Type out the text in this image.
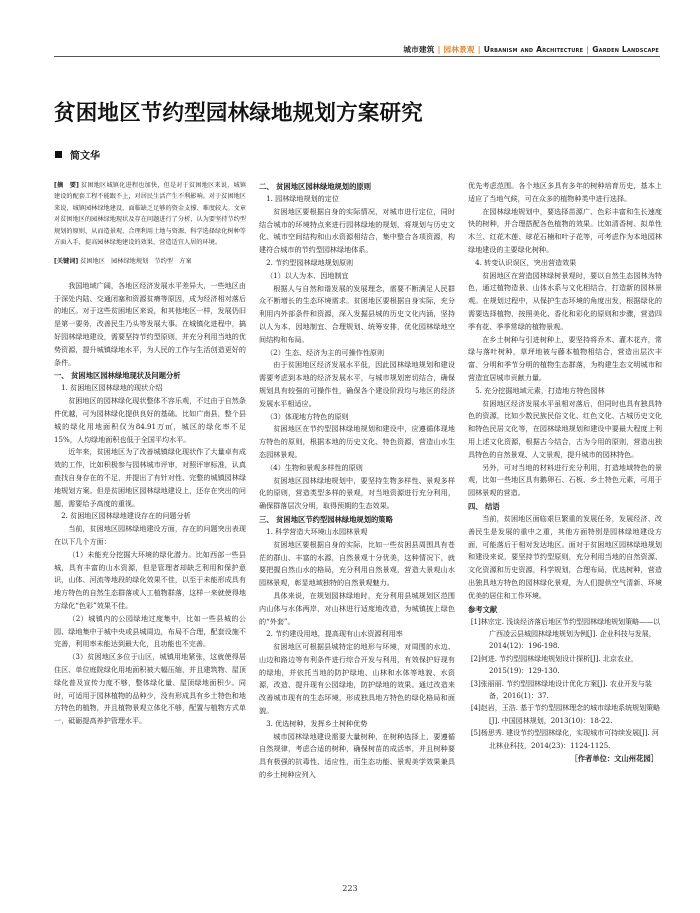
城市建筑 | 园林景观 | Urbanism and Architecture | Garden Landscape
贫困地区节约型园林绿地规划方案研究
简文华
[摘　要] 贫困地区城镇化进程也加快，但是对于贫困地区来说，城镇建设的配套工程不能跟不上，对居民生活产生不利影响。对于贫困地区来说，城镇园林绿地建设，面临缺乏足够的资金支撑、难度较大。文章对贫困地区的园林绿地现状及存在问题进行了分析，认为要坚持节约型规划的原则，从而造景观，合理利用土地与资源，科学选择绿化树种等方面入手，提高园林绿地建设的效果，营造适宜人居的环境。
[关键词] 贫困地区　园林绿地规划　节约型　方案

我国地域广阔，各地区经济发展水平差异大，一些地区由于深处内陆、交通闭塞和资源贫瘠等原因，成为经济相对落后的地区。对于这些贫困地区来说，和其他地区一样，发展仍旧是第一要务，改善民生乃头等发展大事。在城镇化进程中，搞好园林绿地建设，需要坚持节约型原则，并充分利用当地的优势资源，提升城镇绿地水平，为人民的工作与生活创造更好的条件。

一、 贫困地区园林绿地现状及问题分析
1. 贫困地区园林绿地的现状介绍

贫困地区的园林绿化现状整体不容乐观，不过由于自然条件优越，可为园林绿化提供良好的基础。比如广南县，整个县城的绿化用地面积仅为84.91万㎡，城区的绿化率不足15%，人均绿地面积也低于全国平均水平。

近年来，贫困地区为了改善城镇绿化现状作了大量卓有成效的工作，比如积极参与园林城市评审，对照评审标准，认真查找自身存在的不足，并提出了有针对性、完整的城镇园林绿地规划方案。但是贫困地区园林绿地建设上，还存在突出的问题，需要给予高度的重视。

2. 贫困地区园林绿地建设存在的问题分析

当前，贫困地区园林绿地建设方面，存在的问题突出表现在以下几个方面：

（1）未能充分挖掘大环境的绿化潜力。比如西部一些县城，具有丰富的山水资源，但是管理者却缺乏利用和保护意识，山体、河流等地段的绿化效果不佳，以至于未能形成具有地方特色的自然生态群落或人工植物群落，这样一来就使得地方绿化“色彩”效果不佳。

（2）城镇内的公园绿地过度集中，比如一些县城的公园、绿地集中于城中央或县城周边，布局不合理，配套设施不完善，利用率未能达到最大化，且功能也不完善。

（3）贫困地区多位于山区，城镇用地紧张，这就使得居住区、单位庭院绿化用地面积被大幅压缩，并且建筑物、屋顶绿化普及宣传力度不够，整体绿化量、屋顶绿地面积少。同时，可适用于园林植物的品种少，没有形成具有乡土特色和地方特色的植物，并且植物景观立体化不够，配置与植物方式单一，砥砺提高养护管理水平。

二、 贫困地区园林绿地规划的原则
1. 园林绿地规划的定位

贫困地区要根据自身的实际情况，对城市进行定位，同时结合城市的环境特点来进行园林绿地的规划，将规划与历史文化、城市空间结构和山水资源相结合，集中整合各项资源，构建符合城市的节约型园林绿地体系。

2. 节约型园林绿地规划原则
（1）以人为本、因地制宜

根据人与自然和谐发展的发展理念，需要不断满足人民群众不断增长的生态环境需求。贫困地区要根据自身实际，充分利用内外部条件和资源，深入发掘县城的历史文化内涵，坚持以人为本、因地制宜、合理规划、统筹安排，优化园林绿地空间结构和布局。

（2）生态、经济为主的可操作性原则

由于贫困地区经济发展水平低，因此园林绿地规划和建设需要考虑到本地的经济发展水平，与城市规划密切结合，确保规划具有较强的可操作性，确保各个建设阶段均与地区的经济发展水平相适应。

（3）体现地方特色的原则

贫困地区在节约型园林绿地规划和建设中，应遵循体现地方特色的原则，根据本地的历史文化、特色资源，营造山水生态园林景观。

（4）生物和景观多样性的原则

贫困地区园林绿地规划中，要坚持生物多样性、景观多样化的原则，营造类型多样的景观，对当地资源进行充分利用，确保群落层次分明，取得预期的生态效果。

三、 贫困地区节约型园林绿地规划的策略
1. 科学营造大环境山水园林景观

贫困地区要根据自身的实际，比如一些贫困县周围具有苍茫的群山、丰富的水源，自然景观十分优美，这种情况下，就要把握自然山水的格局，充分利用自然景观，营造大景观山水园林景观，彰显地域独特的自然景观魅力。

具体来说，在规划园林绿地时，充分利用县城规划区范围内山体与水体两岸，对山林进行适度地改造，为城镇披上绿色的“外套”。

2. 节约建设用地，提高现有山水资源利用率

贫困地区可根据县城特定的地形与环境，对周围的水边、山边和路边等有利条件进行综合开发与利用，有效保护好现有的绿地，并依托当地的防护绿地、山林和水体等地貌、水资源，改造、提升现有公园绿地，防护绿地的效果。通过改造来改善城市现有的生态环境，形成独具地方特色的绿化格局和面貌。

3. 优选树种，发挥乡土树种优势

城市园林绿地建设需要大量树种，在树种选择上，要遵循自然规律，考虑合适的树种，确保树苗的成活率，并且树种要具有极强的抗毒性、适应性，而生态功能、景观美学效果兼具的乡土树种应列入

优先考虑范围。各个地区多具有多年的树种培育历史，基本上适应了当地气候，可在众多的植物种类中进行选择。

在园林绿地规划中，要选择苗源广、色彩丰富和生长速度快的树种，并合理搭配各色植物的效果。比如清香树、拟单性木兰、红花木莲、球花石楠和叶子花等，可考虑作为本地园林绿地建设的主要绿化树种。

4. 转变认识误区，突出营造效果

贫困地区在营造园林绿树景观时，要以自然生态园林为特色，通过植物造景、山体水系与文化相结合，打造新的园林景观。在规划过程中，从保护生态环境的角度出发，根据绿化的需要选择植物，按照美化、香化和彩化的原则和步骤，营造四季有花、季季常绿的植物景观。

在乡土树种与引进树种上，要坚持将乔木、灌木花卉，常绿与落叶树种，草坪地被与藤本植物相结合，营造出层次丰富、分明和季节分明的植物生态群落，为构建生态文明城市和营造宜居城市贡献力量。

5. 充分挖掘地域元素，打造地方特色园林

贫困地区经济发展水平虽相对落后，但同时也具有独具特色的资源，比如少数民族民俗文化、红色文化、古城历史文化和特色民居文化等，在园林绿地规划和建设中要最大程度上利用上述文化资源，根据古今结合，古为今用的原则，营造出独具特色的自然景观、人文景观，提升城市的园林特色。

另外，可对当地的材料进行充分利用，打造地域特色的景观，比如一些地区具有鹅卵石、石板、乡土特色元素，可用于园林景观的营造。

四、 结语

当前，贫困地区面临艰巨繁重的发展任务，发展经济、改善民生是发展的重中之重，其他方面特别是园林绿地建设方面，可能落后于相对发达地区。面对于贫困地区园林绿地规划和建设来说，要坚持节约型原则，充分利用当地的自然资源、文化资源和历史资源，科学规划，合理布局，优选树种，营造出独具地方特色的园林绿化景观，为人们提供空气清新、环境优美的居住和工作环境。

参考文献
[1]林宗定. 浅谈经济落后地区节约型园林绿地规划策略——以广西凌云县城园林绿地规划为例[J]. 企业科技与发展，2014(12)：196-198.
[2]何进. 节约型园林绿地规划设计探析[J]. 北京农业，2015(19)：129-130.
[3]张丽丽. 节约型园林绿地设计优化方案[J]. 农业开发与装备，2016(1)：37.
[4]赵岩，王浩. 基于节约型园林理念的城市绿地系统规划策略[J]. 中国园林规划，2013(10)：18-22.
[5]杨思秀. 建设节约型园林绿化，实现城市可持续发展[J]. 河北林业科技，2014(23)：1124-1125.
［作者单位：文山州花园］
223
